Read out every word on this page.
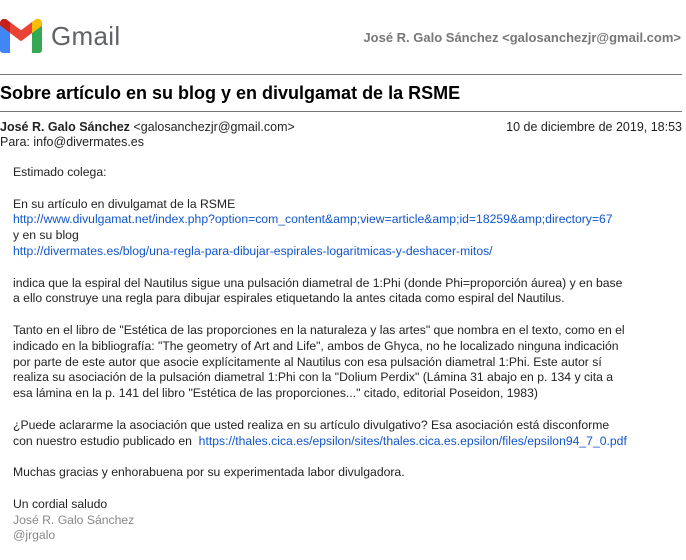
Gmail	José R. Galo Sánchez <galosanchezjr@gmail.com>
Sobre artículo en su blog y en divulgamat de la RSME
José R. Galo Sánchez <galosanchezjr@gmail.com>	10 de diciembre de 2019, 18:53
Para: info@divermates.es

Estimado colega:

En su artículo en divulgamat de la RSME
http://www.divulgamat.net/index.php?option=com_content&amp;view=article&amp;id=18259&amp;directory=67
y en su blog
http://divermates.es/blog/una-regla-para-dibujar-espirales-logaritmicas-y-deshacer-mitos/

indica que la espiral del Nautilus sigue una pulsación diametral de 1:Phi (donde Phi=proporción áurea) y en base
a ello construye una regla para dibujar espirales etiquetando la antes citada como espiral del Nautilus.

Tanto en el libro de "Estética de las proporciones en la naturaleza y las artes" que nombra en el texto, como en el
indicado en la bibliografía: "The geometry of Art and Life", ambos de Ghyca, no he localizado ninguna indicación
por parte de este autor que asocie explícitamente al Nautilus con esa pulsación diametral 1:Phi. Este autor sí
realiza su asociación de la pulsación diametral 1:Phi con la "Dolium Perdix" (Lámina 31 abajo en p. 134 y cita a
esa lámina en la p. 141 del libro "Estética de las proporciones..." citado, editorial Poseidon, 1983)

¿Puede aclararme la asociación que usted realiza en su artículo divulgativo? Esa asociación está disconforme
con nuestro estudio publicado en https://thales.cica.es/epsilon/sites/thales.cica.es.epsilon/files/epsilon94_7_0.pdf

Muchas gracias y enhorabuena por su experimentada labor divulgadora.

Un cordial saludo

José R. Galo Sánchez
@jrgalo
